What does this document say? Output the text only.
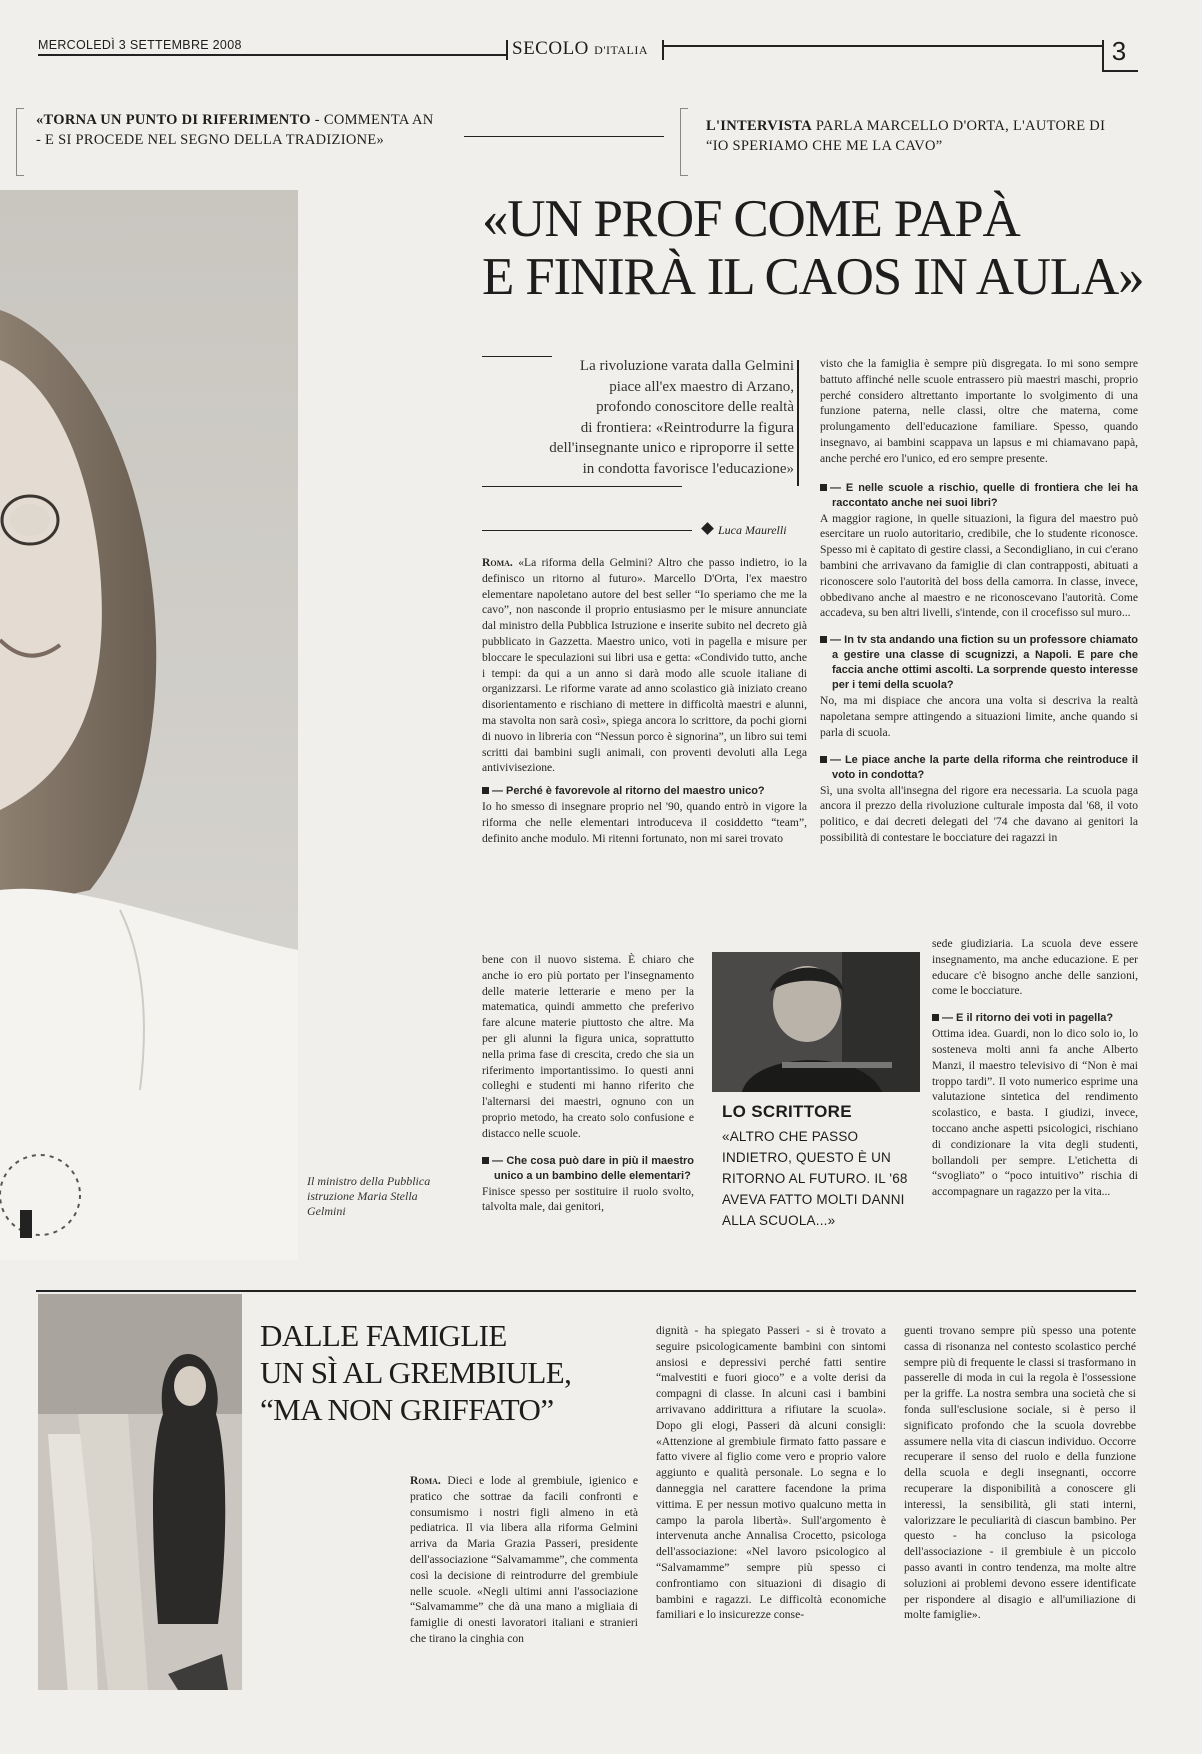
MERCOLEDÌ 3 SETTEMBRE 2008	SECOLO D'ITALIA	3
«TORNA UN PUNTO DI RIFERIMENTO - COMMENTA AN - E SI PROCEDE NEL SEGNO DELLA TRADIZIONE»
L'INTERVISTA PARLA MARCELLO D'ORTA, L'AUTORE DI “IO SPERIAMO CHE ME LA CAVO”
Il ministro della Pubblica istruzione Maria Stella Gelmini
«UN PROF COME PAPÀ
E FINIRÀ IL CAOS IN AULA»
La rivoluzione varata dalla Gelmini
piace all'ex maestro di Arzano,
profondo conoscitore delle realtà
di frontiera: «Reintrodurre la figura
dell'insegnante unico e riproporre il sette
in condotta favorisce l'educazione»
Luca Maurelli

Roma. «La riforma della Gelmini? Altro che passo indietro, io la definisco un ritorno al futuro». Marcello D'Orta, l'ex maestro elementare napoletano autore del best seller “Io speriamo che me la cavo”, non nasconde il proprio entusiasmo per le misure annunciate dal ministro della Pubblica Istruzione e inserite subito nel decreto già pubblicato in Gazzetta. Maestro unico, voti in pagella e misure per bloccare le speculazioni sui libri usa e getta: «Condivido tutto, anche i tempi: da qui a un anno si darà modo alle scuole italiane di organizzarsi. Le riforme varate ad anno scolastico già iniziato creano disorientamento e rischiano di mettere in difficoltà maestri e alunni, ma stavolta non sarà così», spiega ancora lo scrittore, da pochi giorni di nuovo in libreria con “Nessun porco è signorina”, un libro sui temi scritti dai bambini sugli animali, con proventi devoluti alla Lega antivivisezione.

— Perché è favorevole al ritorno del maestro unico?

Io ho smesso di insegnare proprio nel '90, quando entrò in vigore la riforma che nelle elementari introduceva il cosiddetto “team”, definito anche modulo. Mi ritenni fortunato, non mi sarei trovato

bene con il nuovo sistema. È chiaro che anche io ero più portato per l'insegnamento delle materie letterarie e meno per la matematica, quindi ammetto che preferivo fare alcune materie piuttosto che altre. Ma per gli alunni la figura unica, soprattutto nella prima fase di crescita, credo che sia un riferimento importantissimo. Io questi anni colleghi e studenti mi hanno riferito che l'alternarsi dei maestri, ognuno con un proprio metodo, ha creato solo confusione e distacco nelle scuole.

— Che cosa può dare in più il maestro unico a un bambino delle elementari?

Finisce spesso per sostituire il ruolo svolto, talvolta male, dai genitori,

visto che la famiglia è sempre più disgregata. Io mi sono sempre battuto affinché nelle scuole entrassero più maestri maschi, proprio perché considero altrettanto importante lo svolgimento di una funzione paterna, nelle classi, oltre che materna, come prolungamento dell'educazione familiare. Spesso, quando insegnavo, ai bambini scappava un lapsus e mi chiamavano papà, anche perché ero l'unico, ed ero sempre presente.

— E nelle scuole a rischio, quelle di frontiera che lei ha raccontato anche nei suoi libri?

A maggior ragione, in quelle situazioni, la figura del maestro può esercitare un ruolo autoritario, credibile, che lo studente riconosce. Spesso mi è capitato di gestire classi, a Secondigliano, in cui c'erano bambini che arrivavano da famiglie di clan contrapposti, abituati a riconoscere solo l'autorità del boss della camorra. In classe, invece, obbedivano anche al maestro e ne riconoscevano l'autorità. Come accadeva, su ben altri livelli, s'intende, con il crocefisso sul muro...

— In tv sta andando una fiction su un professore chiamato a gestire una classe di scugnizzi, a Napoli. E pare che faccia anche ottimi ascolti. La sorprende questo interesse per i temi della scuola?

No, ma mi dispiace che ancora una volta si descriva la realtà napoletana sempre attingendo a situazioni limite, anche quando si parla di scuola.

— Le piace anche la parte della riforma che reintroduce il voto in condotta?

Sì, una svolta all'insegna del rigore era necessaria. La scuola paga ancora il prezzo della rivoluzione culturale imposta dal '68, il voto politico, e dai decreti delegati del '74 che davano ai genitori la possibilità di contestare le bocciature dei ragazzi in

sede giudiziaria. La scuola deve essere insegnamento, ma anche educazione. E per educare c'è bisogno anche delle sanzioni, come le bocciature.

— E il ritorno dei voti in pagella?

Ottima idea. Guardi, non lo dico solo io, lo sosteneva molti anni fa anche Alberto Manzi, il maestro televisivo di “Non è mai troppo tardi”. Il voto numerico esprime una valutazione sintetica del rendimento scolastico, e basta. I giudizi, invece, toccano anche aspetti psicologici, rischiano di condizionare la vita degli studenti, bollandoli per sempre. L'etichetta di “svogliato” o “poco intuitivo” rischia di accompagnare un ragazzo per la vita...

LO SCRITTORE
«ALTRO CHE PASSO INDIETRO, QUESTO È UN RITORNO AL FUTURO. IL '68 AVEVA FATTO MOLTI DANNI ALLA SCUOLA...»
DALLE FAMIGLIE
UN SÌ AL GREMBIULE,
“MA NON GRIFFATO”

Roma. Dieci e lode al grembiule, igienico e pratico che sottrae da facili confronti e consumismo i nostri figli almeno in età pediatrica. Il via libera alla riforma Gelmini arriva da Maria Grazia Passeri, presidente dell'associazione “Salvamamme”, che commenta così la decisione di reintrodurre del grembiule nelle scuole. «Negli ultimi anni l'associazione “Salvamamme” che dà una mano a migliaia di famiglie di onesti lavoratori italiani e stranieri che tirano la cinghia con

dignità - ha spiegato Passeri - si è trovato a seguire psicologicamente bambini con sintomi ansiosi e depressivi perché fatti sentire “malvestiti e fuori gioco” e a volte derisi da compagni di classe. In alcuni casi i bambini arrivavano addirittura a rifiutare la scuola». Dopo gli elogi, Passeri dà alcuni consigli: «Attenzione al grembiule firmato fatto passare e fatto vivere al figlio come vero e proprio valore aggiunto e qualità personale. Lo segna e lo danneggia nel carattere facendone la prima vittima. E per nessun motivo qualcuno metta in campo la parola libertà». Sull'argomento è intervenuta anche Annalisa Crocetto, psicologa dell'associazione: «Nel lavoro psicologico al “Salvamamme” sempre più spesso ci confrontiamo con situazioni di disagio di bambini e ragazzi. Le difficoltà economiche familiari e lo insicurezze conse-

guenti trovano sempre più spesso una potente cassa di risonanza nel contesto scolastico perché sempre più di frequente le classi si trasformano in passerelle di moda in cui la regola è l'ossessione per la griffe. La nostra sembra una società che si fonda sull'esclusione sociale, si è perso il significato profondo che la scuola dovrebbe assumere nella vita di ciascun individuo. Occorre recuperare il senso del ruolo e della funzione della scuola e degli insegnanti, occorre recuperare la disponibilità a conoscere gli interessi, la sensibilità, gli stati interni, valorizzare le peculiarità di ciascun bambino. Per questo - ha concluso la psicologa dell'associazione - il grembiule è un piccolo passo avanti in contro tendenza, ma molte altre soluzioni ai problemi devono essere identificate per rispondere al disagio e all'umiliazione di molte famiglie».
